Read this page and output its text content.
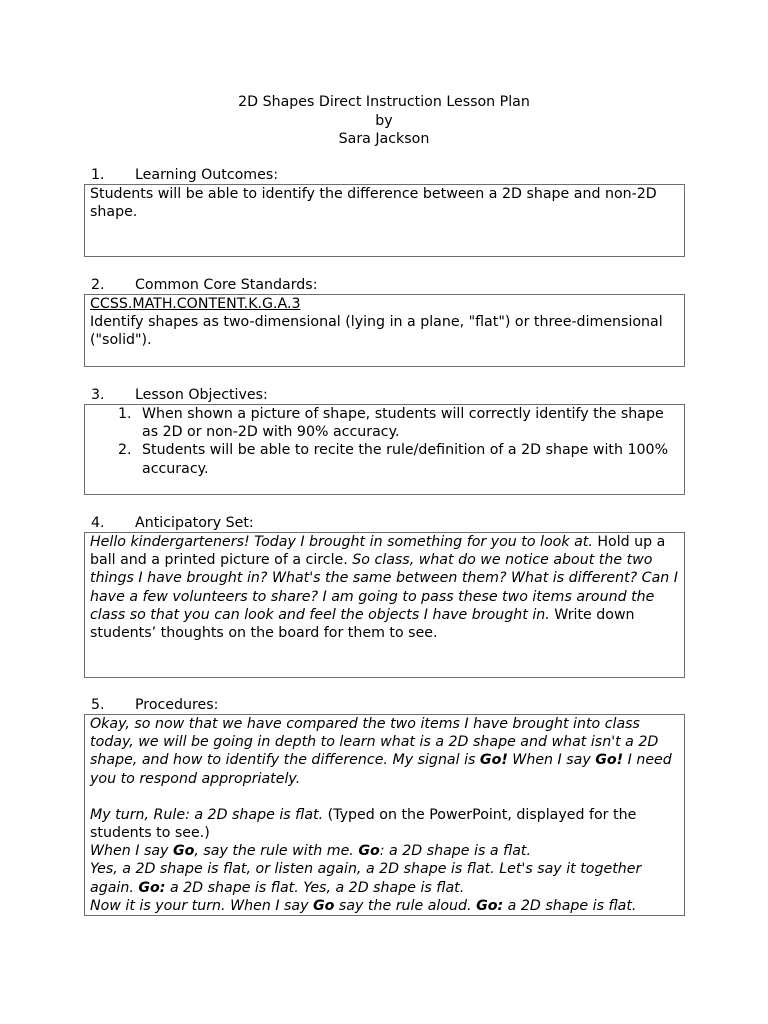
2D Shapes Direct Instruction Lesson Plan
by
Sara Jackson
1. Learning Outcomes:

Students will be able to identify the difference between a 2D shape and non-2D shape.

2. Common Core Standards:

CCSS.MATH.CONTENT.K.G.A.3

Identify shapes as two-dimensional (lying in a plane, "flat") or three-dimensional ("solid").

3. Lesson Objectives:
1. When shown a picture of shape, students will correctly identify the shape as 2D or non-2D with 90% accuracy.
2. Students will be able to recite the rule/definition of a 2D shape with 100% accuracy.
4. Anticipatory Set:

Hello kindergarteners! Today I brought in something for you to look at. Hold up a ball and a printed picture of a circle. So class, what do we notice about the two things I have brought in? What's the same between them? What is different? Can I have a few volunteers to share? I am going to pass these two items around the class so that you can look and feel the objects I have brought in. Write down students’ thoughts on the board for them to see.

5. Procedures:

Okay, so now that we have compared the two items I have brought into class today, we will be going in depth to learn what is a 2D shape and what isn't a 2D shape, and how to identify the difference. My signal is Go! When I say Go! I need you to respond appropriately.

My turn, Rule: a 2D shape is flat. (Typed on the PowerPoint, displayed for the students to see.)

When I say Go, say the rule with me. Go: a 2D shape is a flat.

Yes, a 2D shape is flat, or listen again, a 2D shape is flat. Let's say it together again. Go: a 2D shape is flat. Yes, a 2D shape is flat.

Now it is your turn. When I say Go say the rule aloud. Go: a 2D shape is flat.
